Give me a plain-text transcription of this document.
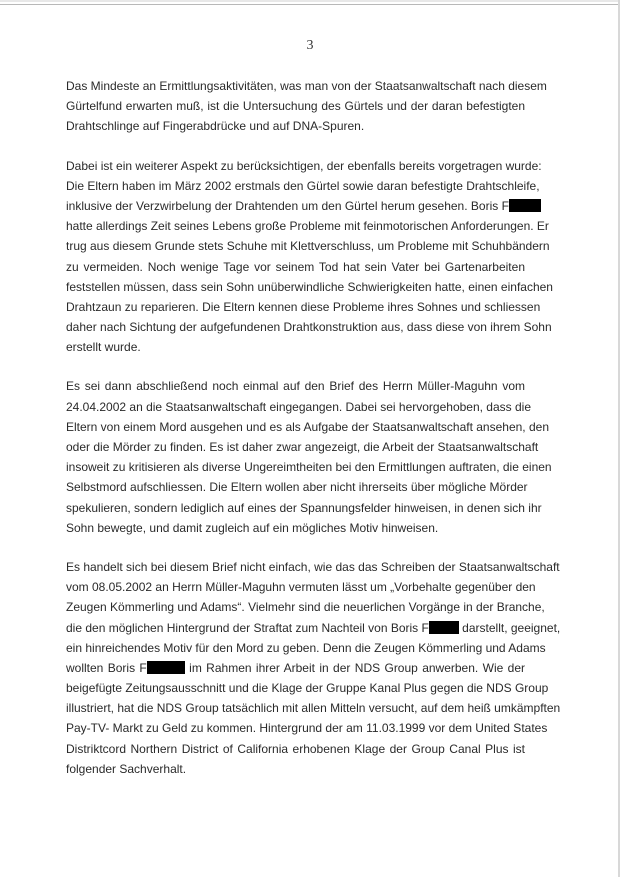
3
Das Mindeste an Ermittlungsaktivitäten, was man von der Staatsanwaltschaft nach diesem
Gürtelfund erwarten muß, ist die Untersuchung des Gürtels und der daran befestigten
Drahtschlinge auf Fingerabdrücke und auf DNA-Spuren.
Dabei ist ein weiterer Aspekt zu berücksichtigen, der ebenfalls bereits vorgetragen wurde:
Die Eltern haben im März 2002 erstmals den Gürtel sowie daran befestigte Drahtschleife,
inklusive der Verzwirbelung der Drahtenden um den Gürtel herum gesehen. Boris F
hatte allerdings Zeit seines Lebens große Probleme mit feinmotorischen Anforderungen. Er
trug aus diesem Grunde stets Schuhe mit Klettverschluss, um Probleme mit Schuhbändern
zu vermeiden. Noch wenige Tage vor seinem Tod hat sein Vater bei Gartenarbeiten
feststellen müssen, dass sein Sohn unüberwindliche Schwierigkeiten hatte, einen einfachen
Drahtzaun zu reparieren. Die Eltern kennen diese Probleme ihres Sohnes und schliessen
daher nach Sichtung der aufgefundenen Drahtkonstruktion aus, dass diese von ihrem Sohn
erstellt wurde.
Es sei dann abschließend noch einmal auf den Brief des Herrn Müller-Maguhn vom
24.04.2002 an die Staatsanwaltschaft eingegangen. Dabei sei hervorgehoben, dass die
Eltern von einem Mord ausgehen und es als Aufgabe der Staatsanwaltschaft ansehen, den
oder die Mörder zu finden. Es ist daher zwar angezeigt, die Arbeit der Staatsanwaltschaft
insoweit zu kritisieren als diverse Ungereimtheiten bei den Ermittlungen auftraten, die einen
Selbstmord aufschliessen. Die Eltern wollen aber nicht ihrerseits über mögliche Mörder
spekulieren, sondern lediglich auf eines der Spannungsfelder hinweisen, in denen sich ihr
Sohn bewegte, und damit zugleich auf ein mögliches Motiv hinweisen.
Es handelt sich bei diesem Brief nicht einfach, wie das das Schreiben der Staatsanwaltschaft
vom 08.05.2002 an Herrn Müller-Maguhn vermuten lässt um „Vorbehalte gegenüber den
Zeugen Kömmerling und Adams“. Vielmehr sind die neuerlichen Vorgänge in der Branche,
die den möglichen Hintergrund der Straftat zum Nachteil von Boris F	darstellt, geeignet,
ein hinreichendes Motiv für den Mord zu geben. Denn die Zeugen Kömmerling und Adams
wollten Boris F	im Rahmen ihrer Arbeit in der NDS Group anwerben. Wie der
beigefügte Zeitungsausschnitt und die Klage der Gruppe Kanal Plus gegen die NDS Group
illustriert, hat die NDS Group tatsächlich mit allen Mitteln versucht, auf dem heiß umkämpften
Pay-TV- Markt zu Geld zu kommen. Hintergrund der am 11.03.1999 vor dem United States
Distriktcord Northern District of California erhobenen Klage der Group Canal Plus ist
folgender Sachverhalt.
